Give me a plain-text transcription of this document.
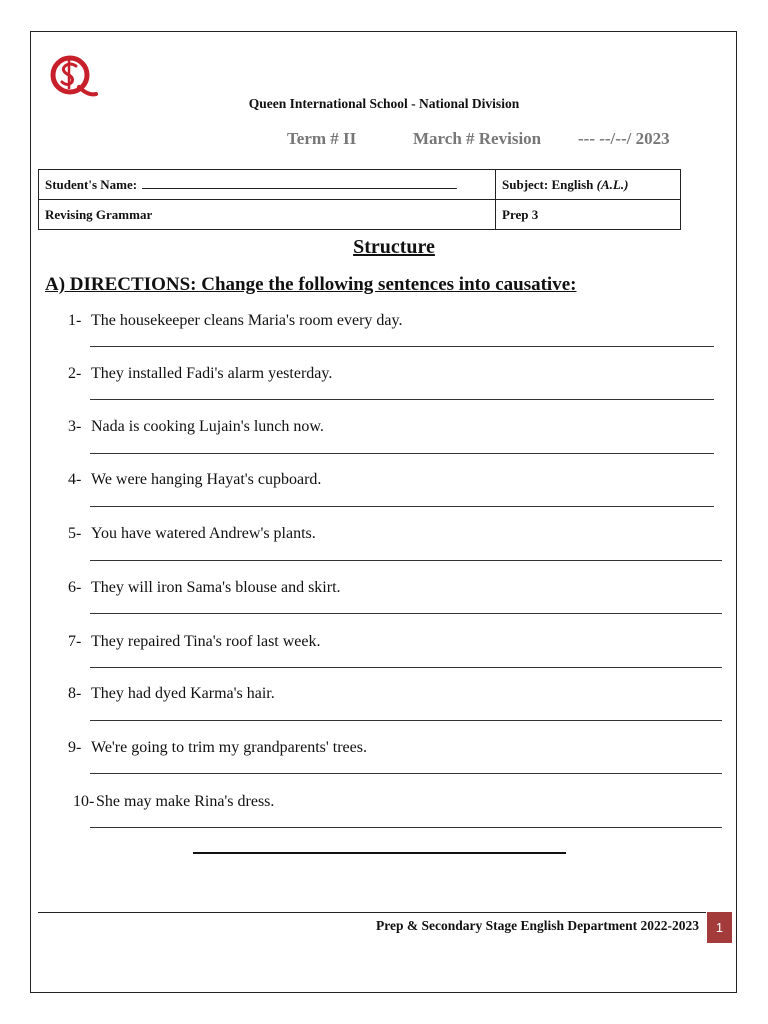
Queen International School - National Division
Term # II	March # Revision --- --/--/ 2023
Student's Name:	Subject: English (A.L.)
Revising Grammar	Prep 3
Structure
A) DIRECTIONS: Change the following sentences into causative:
1- The housekeeper cleans Maria's room every day.
2- They installed Fadi's alarm yesterday.
3- Nada is cooking Lujain's lunch now.
4- We were hanging Hayat's cupboard.
5- You have watered Andrew's plants.
6- They will iron Sama's blouse and skirt.
7- They repaired Tina's roof last week.
8- They had dyed Karma's hair.
9- We're going to trim my grandparents' trees.
10- She may make Rina's dress.
Prep & Secondary Stage English Department 2022-2023	1
